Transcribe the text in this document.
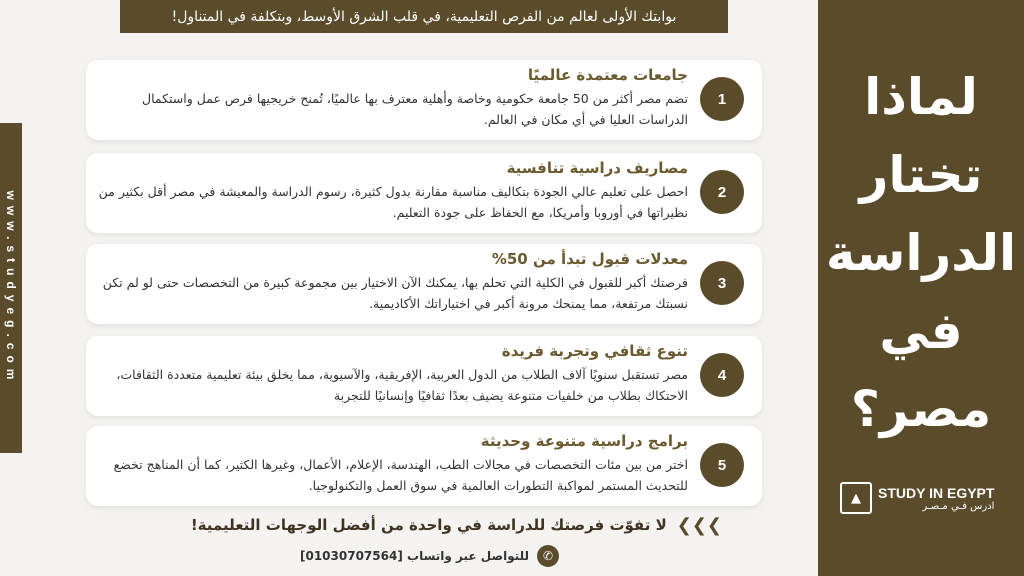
بوابتك الأولى لعالم من الفرص التعليمية، في قلب الشرق الأوسط، وبتكلفة في المتناول!
www.studyeg.com
جامعات معتمدة عالميًا
تضم مصر أكثر من 50 جامعة حكومية وخاصة وأهلية معترف بها عالميًا، تُمنح خريجيها فرص عمل واستكمال الدراسات العليا في أي مكان في العالم.
1
مصاريف دراسية تنافسية
احصل على تعليم عالي الجودة بتكاليف مناسبة مقارنة بدول كثيرة، رسوم الدراسة والمعيشة في مصر أقل بكثير من نظيراتها في أوروبا وأمريكا، مع الحفاظ على جودة التعليم.
2
معدلات قبول تبدأ من 50%
فرصتك أكبر للقبول في الكلية التي تحلم بها، يمكنك الآن الاختيار بين مجموعة كبيرة من التخصصات حتى لو لم تكن نسبتك مرتفعة، مما يمنحك مرونة أكبر في اختياراتك الأكاديمية.
3
تنوع ثقافي وتجربة فريدة
مصر تستقبل سنويًا آلاف الطلاب من الدول العربية، الإفريقية، والآسيوية، مما يخلق بيئة تعليمية متعددة الثقافات، الاحتكاك بطلاب من خلفيات متنوعة يضيف بعدًا ثقافيًا وإنسانيًا للتجربة
4
برامج دراسية متنوعة وحديثة
اختر من بين مئات التخصصات في مجالات الطب، الهندسة، الإعلام، الأعمال، وغيرها الكثير، كما أن المناهج تخضع للتحديث المستمر لمواكبة التطورات العالمية في سوق العمل والتكنولوجيا.
5
❯❯❯
لا تفوّت فرصتك للدراسة في واحدة من أفضل الوجهات التعليمية!
✆
للتواصل عبر واتساب [01030707564]
لماذا
تختار
الدراسة
في
مصر؟
▲	STUDY IN EGYPT
ادرس فـي مـصـر
